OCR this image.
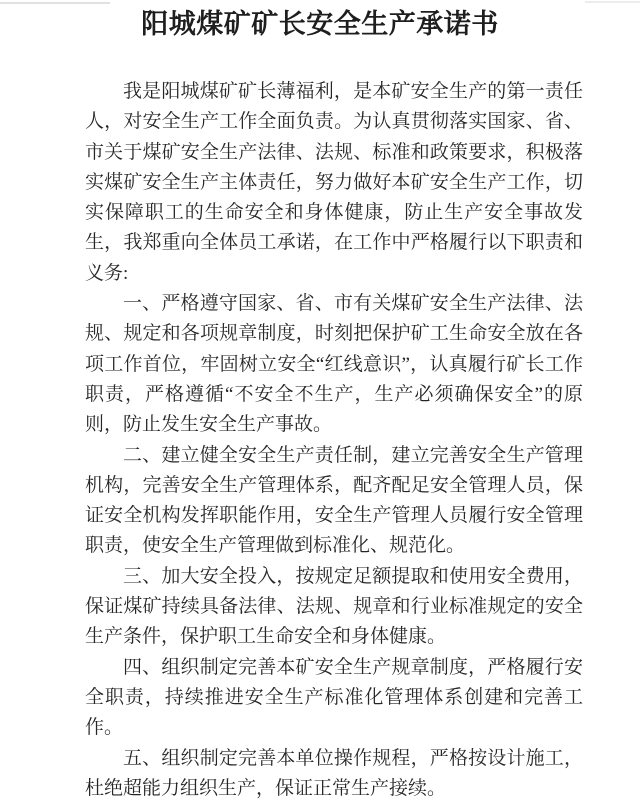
阳城煤矿矿长安全生产承诺书

我是阳城煤矿矿长薄福利，是本矿安全生产的第一责任人，对安全生产工作全面负责。为认真贯彻落实国家、省、市关于煤矿安全生产法律、法规、标准和政策要求，积极落实煤矿安全生产主体责任，努力做好本矿安全生产工作，切实保障职工的生命安全和身体健康，防止生产安全事故发生，我郑重向全体员工承诺，在工作中严格履行以下职责和义务:

一、严格遵守国家、省、市有关煤矿安全生产法律、法规、规定和各项规章制度，时刻把保护矿工生命安全放在各项工作首位，牢固树立安全“红线意识”，认真履行矿长工作职责，严格遵循“不安全不生产，生产必须确保安全”的原则，防止发生安全生产事故。

二、建立健全安全生产责任制，建立完善安全生产管理机构，完善安全生产管理体系，配齐配足安全管理人员，保证安全机构发挥职能作用，安全生产管理人员履行安全管理职责，使安全生产管理做到标准化、规范化。

三、加大安全投入，按规定足额提取和使用安全费用，保证煤矿持续具备法律、法规、规章和行业标准规定的安全生产条件，保护职工生命安全和身体健康。

四、组织制定完善本矿安全生产规章制度，严格履行安全职责，持续推进安全生产标准化管理体系创建和完善工作。

五、组织制定完善本单位操作规程，严格按设计施工，杜绝超能力组织生产，保证正常生产接续。
